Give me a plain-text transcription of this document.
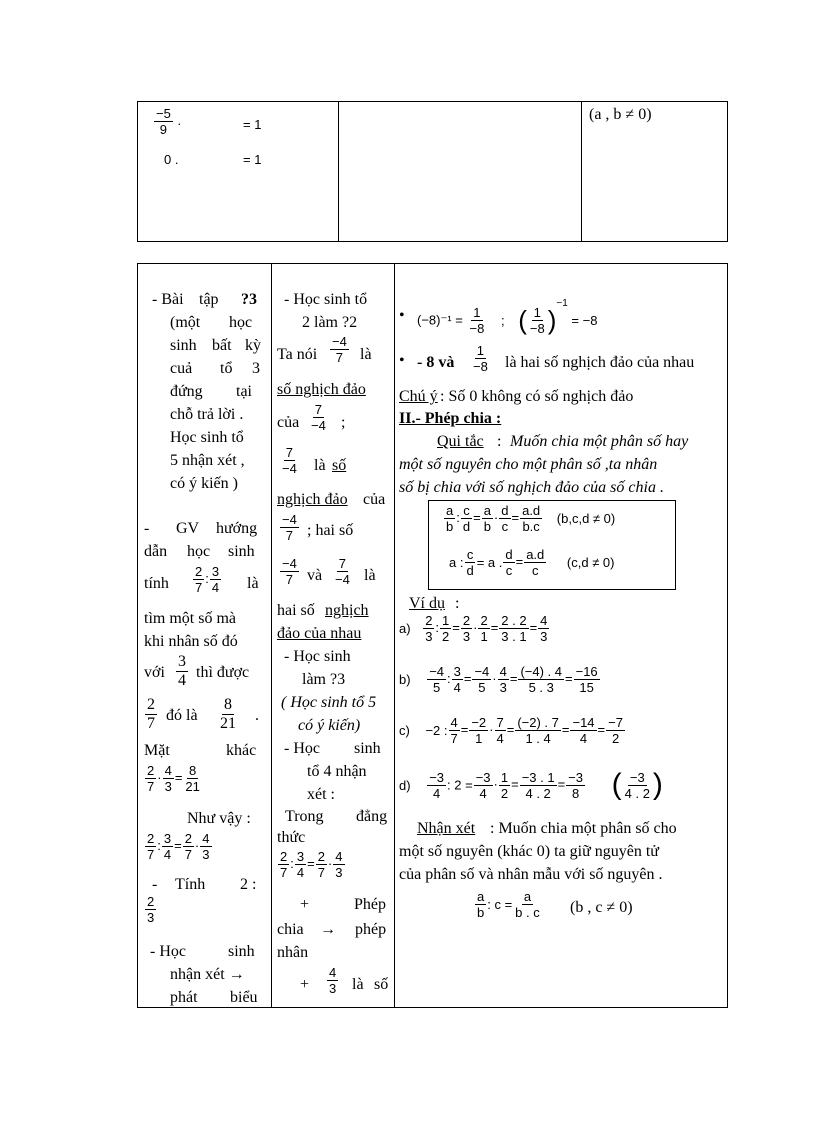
$\frac{-5}{9}$ .	= 1
0 .	= 1
(a , b ≠ 0)
- Bài tập ?3
(một học
sinh bất kỳ
cuả tổ 3
đứng tại
chỗ trả lời .
Học sinh tổ
5 nhận xét ,
có ý kiến )
- GV hướng
dẫn học sinh
tính $\frac{2}{7}$ : $\frac{3}{4}$ là
tìm một số mà
khi nhân số đó
với $\frac{3}{4}$ thì được
$\frac{2}{7}$ đó là $\frac{8}{21}$ .
Mặt	khác
$\frac{2}{7} \cdot \frac{4}{3} = \frac{8}{21}$
Như vậy :
$\frac{2}{7}$ : $\frac{3}{4} = \frac{2}{7} \cdot \frac{4}{3}$
- Tính 2 :
$\frac{2}{3}$
- Học	sinh
nhận xét →
phát biểu
- Học sinh tổ
2 làm ?2
Ta nói $\frac{-4}{7}$ là
số nghịch đảo
của $\frac{7}{-4}$ ;
$\frac{7}{-4}$ là số
nghịch đảo của
$\frac{-4}{7}$ ; hai số
$\frac{-4}{7}$ và $\frac{7}{-4}$ là
hai số nghịch
đảo của nhau
- Học sinh
làm ?3
( Học sinh tổ 5
có ý kiến)
- Học sinh
tổ 4 nhận
xét :
Trong đẳng
thức
$\frac{2}{7}$ : $\frac{3}{4} = \frac{2}{7} \cdot \frac{4}{3}$
+	Phép
chia → phép
nhân
+ $\frac{4}{3}$ là số
• $(-8)^{-1} = \frac{1}{-8}$ ; ( $\frac{1}{-8} )^{-1} = -8$
• - 8 và $\frac{1}{-8}$ là hai số nghịch đảo của nhau
Chú ý : Số 0 không có số nghịch đảo
II.- Phép chia :
Qui tắc : Muốn chia một phân số hay
một số nguyên cho một phân số ,ta nhân
số bị chia với số nghịch đảo của số chia .
$\frac{a}{b}$ : $\frac{c}{d} = \frac{a}{b} \cdot \frac{d}{c} = \frac{a.d}{b.c} (b,c,d \ne 0)$
a : $\frac{c}{d} = a$ . $\frac{d}{c} = \frac{a.d}{c} (c,d \ne 0)$
Ví dụ :
$a) \frac{2}{3}$ : $\frac{1}{2} = \frac{2}{3} \cdot \frac{2}{1} = \frac{2 . 2}{3 . 1} = \frac{4}{3}$
$b) \frac{-4}{5}$ : $\frac{3}{4} = \frac{-4}{5} \cdot \frac{4}{3} = \frac{(-4) . 4}{5 . 3} = \frac{-16}{15}$
c) −2 : $\frac{4}{7} = \frac{-2}{1} \cdot \frac{7}{4} = \frac{(-2) . 7}{1 . 4} = \frac{-14}{4} = \frac{-7}{2}$
$d) \frac{-3}{4}$ : $2 = \frac{-3}{4} \cdot \frac{1}{2} = \frac{-3 . 1}{4 . 2} = \frac{-3}{8}$ ( $\frac{-3}{4 . 2}$ )
Nhận xét : Muốn chia một phân số cho
một số nguyên (khác 0) ta giữ nguyên tử
của phân số và nhân mẫu với số nguyên .
$\frac{a}{b}$ : $c = \frac{a}{b . c} (b$ , c ≠ 0)
